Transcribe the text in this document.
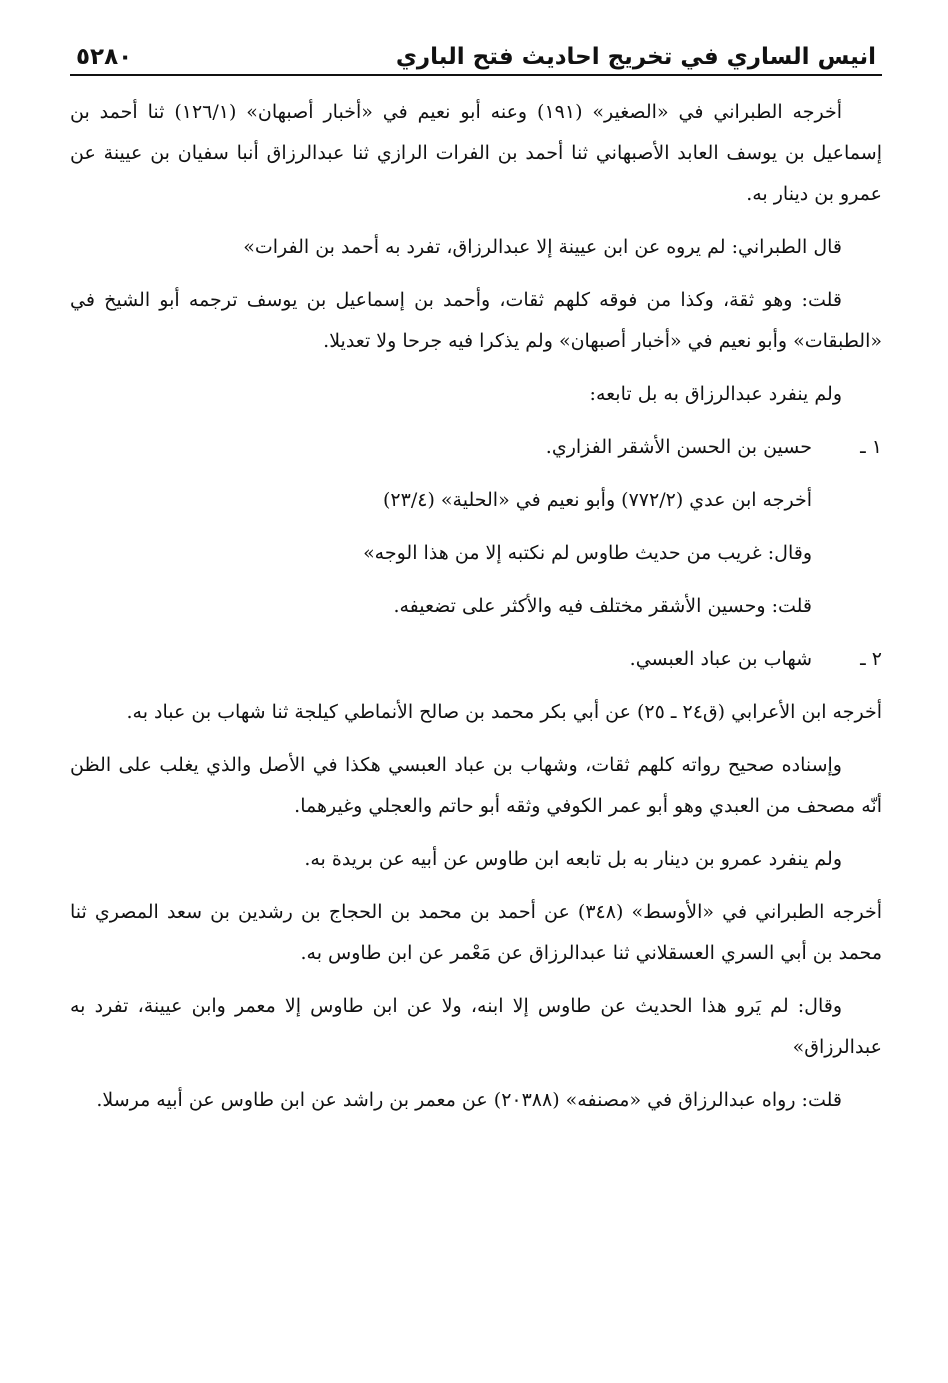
انيس الساري في تخريج احاديث فتح الباري
٥٢٨٠

أخرجه الطبراني في «الصغير» (١٩١) وعنه أبو نعيم في «أخبار أصبهان» (١٢٦/١) ثنا أحمد بن إسماعيل بن يوسف العابد الأصبهاني ثنا أحمد بن الفرات الرازي ثنا عبدالرزاق أنبا سفيان بن عيينة عن عمرو بن دينار به.

قال الطبراني: لم يروه عن ابن عيينة إلا عبدالرزاق، تفرد به أحمد بن الفرات»

قلت: وهو ثقة، وكذا من فوقه كلهم ثقات، وأحمد بن إسماعيل بن يوسف ترجمه أبو الشيخ في «الطبقات» وأبو نعيم في «أخبار أصبهان» ولم يذكرا فيه جرحا ولا تعديلا.

ولم ينفرد عبدالرزاق به بل تابعه:

١ ـ
حسين بن الحسن الأشقر الفزاري.

أخرجه ابن عدي (٧٧٢/٢) وأبو نعيم في «الحلية» (٢٣/٤)

وقال: غريب من حديث طاوس لم نكتبه إلا من هذا الوجه»

قلت: وحسين الأشقر مختلف فيه والأكثر على تضعيفه.

٢ ـ
شهاب بن عباد العبسي.

أخرجه ابن الأعرابي (ق٢٤ ـ ٢٥) عن أبي بكر محمد بن صالح الأنماطي كيلجة ثنا شهاب بن عباد به.

وإسناده صحيح رواته كلهم ثقات، وشهاب بن عباد العبسي هكذا في الأصل والذي يغلب على الظن أنّه مصحف من العبدي وهو أبو عمر الكوفي وثقه أبو حاتم والعجلي وغيرهما.

ولم ينفرد عمرو بن دينار به بل تابعه ابن طاوس عن أبيه عن بريدة به.

أخرجه الطبراني في «الأوسط» (٣٤٨) عن أحمد بن محمد بن الحجاج بن رشدين بن سعد المصري ثنا محمد بن أبي السري العسقلاني ثنا عبدالرزاق عن مَعْمر عن ابن طاوس به.

وقال: لم يَرو هذا الحديث عن طاوس إلا ابنه، ولا عن ابن طاوس إلا معمر وابن عيينة، تفرد به عبدالرزاق»

قلت: رواه عبدالرزاق في «مصنفه» (٢٠٣٨٨) عن معمر بن راشد عن ابن طاوس عن أبيه مرسلا.
